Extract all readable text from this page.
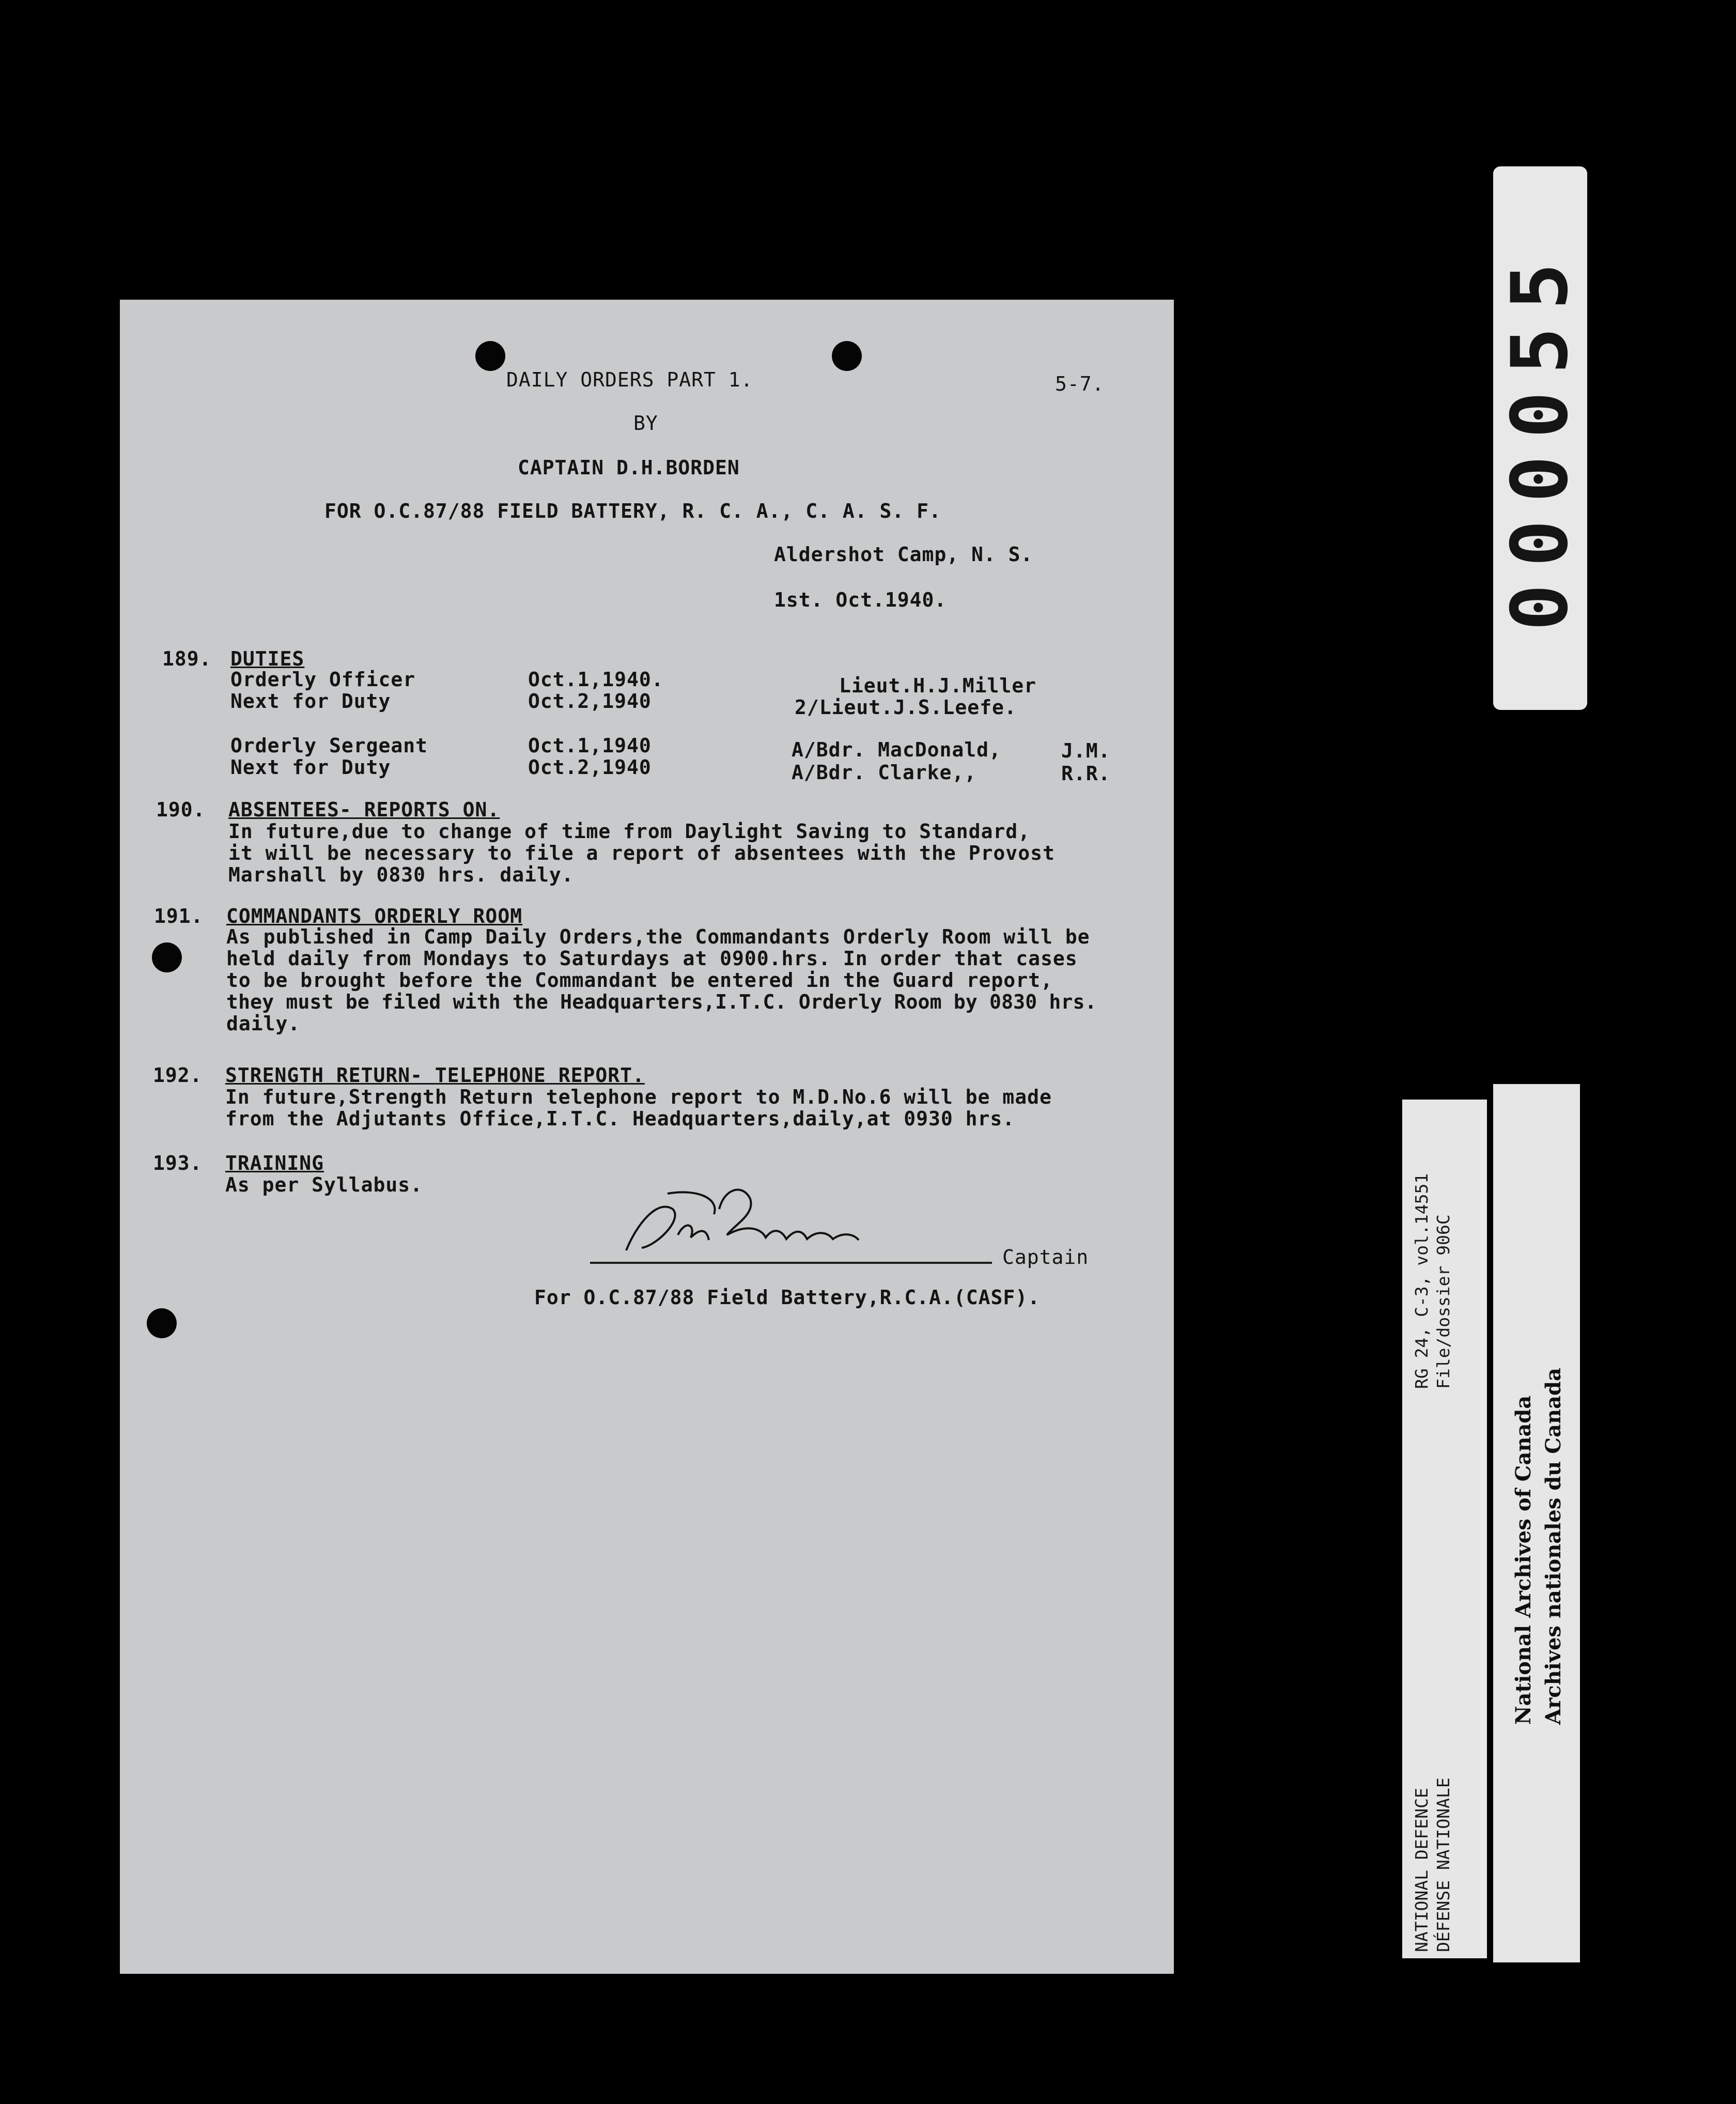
DAILY ORDERS PART 1.	5-7.
BY
CAPTAIN D.H.BORDEN
FOR O.C.87/88 FIELD BATTERY, R. C. A., C. A. S. F.
Aldershot Camp, N. S.
1st. Oct.1940.
189. DUTIES
Orderly Officer	Oct.1,1940.	Lieut.H.J.Miller
Next for Duty	Oct.2,1940	2/Lieut.J.S.Leefe.
Orderly Sergeant	Oct.1,1940	A/Bdr. MacDonald,	J.M.
Next for Duty	Oct.2,1940	A/Bdr. Clarke,,	R.R.
190. ABSENTEES- REPORTS ON.
In future,due to change of time from Daylight Saving to Standard,
it will be necessary to file a report of absentees with the Provost
Marshall by 0830 hrs. daily.
191. COMMANDANTS ORDERLY ROOM
As published in Camp Daily Orders,the Commandants Orderly Room will be
held daily from Mondays to Saturdays at 0900.hrs. In order that cases
to be brought before the Commandant be entered in the Guard report,
they must be filed with the Headquarters,I.T.C. Orderly Room by 0830 hrs.
daily.
192. STRENGTH RETURN- TELEPHONE REPORT.
In future,Strength Return telephone report to M.D.No.6 will be made
from the Adjutants Office,I.T.C. Headquarters,daily,at 0930 hrs.
193. TRAINING
As per Syllabus.
Captain
For O.C.87/88 Field Battery,R.C.A.(CASF).
000055
RG 24, C-3, vol.14551 File/dossier 906C
NATIONAL DEFENCE DÉFENSE NATIONALE
National Archives of Canada Archives nationales du Canada
